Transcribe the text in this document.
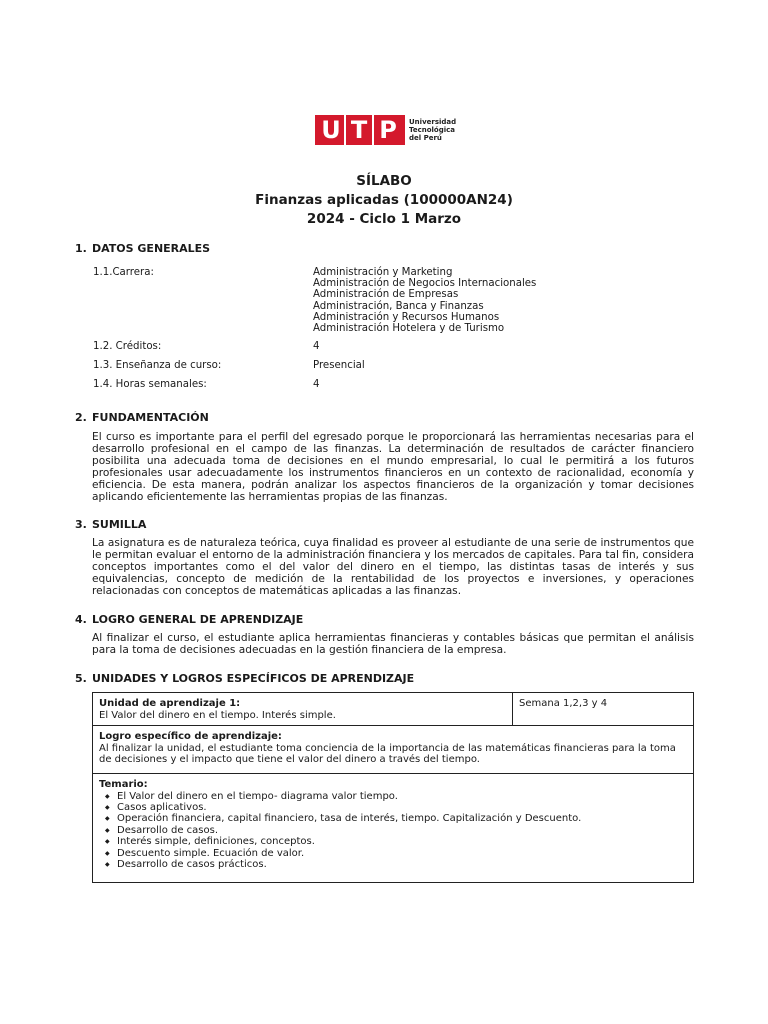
U T P	Universidad
Tecnológica
del Perú
SÍLABO
Finanzas aplicadas (100000AN24)
2024 - Ciclo 1 Marzo
1. DATOS GENERALES
1.1.Carrera:	Administración y Marketing
Administración de Negocios Internacionales
Administración de Empresas
Administración, Banca y Finanzas
Administración y Recursos Humanos
Administración Hotelera y de Turismo
1.2. Créditos:	4
1.3. Enseñanza de curso:	Presencial
1.4. Horas semanales:	4
2. FUNDAMENTACIÓN
El curso es importante para el perfil del egresado porque le proporcionará las herramientas necesarias para el desarrollo profesional en el campo de las finanzas. La determinación de resultados de carácter financiero posibilita una adecuada toma de decisiones en el mundo empresarial, lo cual le permitirá a los futuros profesionales usar adecuadamente los instrumentos financieros en un contexto de racionalidad, economía y eficiencia. De esta manera, podrán analizar los aspectos financieros de la organización y tomar decisiones aplicando eficientemente las herramientas propias de las finanzas.
3. SUMILLA
La asignatura es de naturaleza teórica, cuya finalidad es proveer al estudiante de una serie de instrumentos que le permitan evaluar el entorno de la administración financiera y los mercados de capitales. Para tal fin, considera conceptos importantes como el del valor del dinero en el tiempo, las distintas tasas de interés y sus equivalencias, concepto de medición de la rentabilidad de los proyectos e inversiones, y operaciones relacionadas con conceptos de matemáticas aplicadas a las finanzas.
4. LOGRO GENERAL DE APRENDIZAJE
Al finalizar el curso, el estudiante aplica herramientas financieras y contables básicas que permitan el análisis para la toma de decisiones adecuadas en la gestión financiera de la empresa.
5. UNIDADES Y LOGROS ESPECÍFICOS DE APRENDIZAJE
Unidad de aprendizaje 1:
El Valor del dinero en el tiempo. Interés simple.
Semana 1,2,3 y 4
Logro específico de aprendizaje:
Al finalizar la unidad, el estudiante toma conciencia de la importancia de las matemáticas financieras para la toma de decisiones y el impacto que tiene el valor del dinero a través del tiempo.
Temario:
◆ El Valor del dinero en el tiempo- diagrama valor tiempo.
◆ Casos aplicativos.
◆ Operación financiera, capital financiero, tasa de interés, tiempo. Capitalización y Descuento.
◆ Desarrollo de casos.
◆ Interés simple, definiciones, conceptos.
◆ Descuento simple. Ecuación de valor.
◆ Desarrollo de casos prácticos.
